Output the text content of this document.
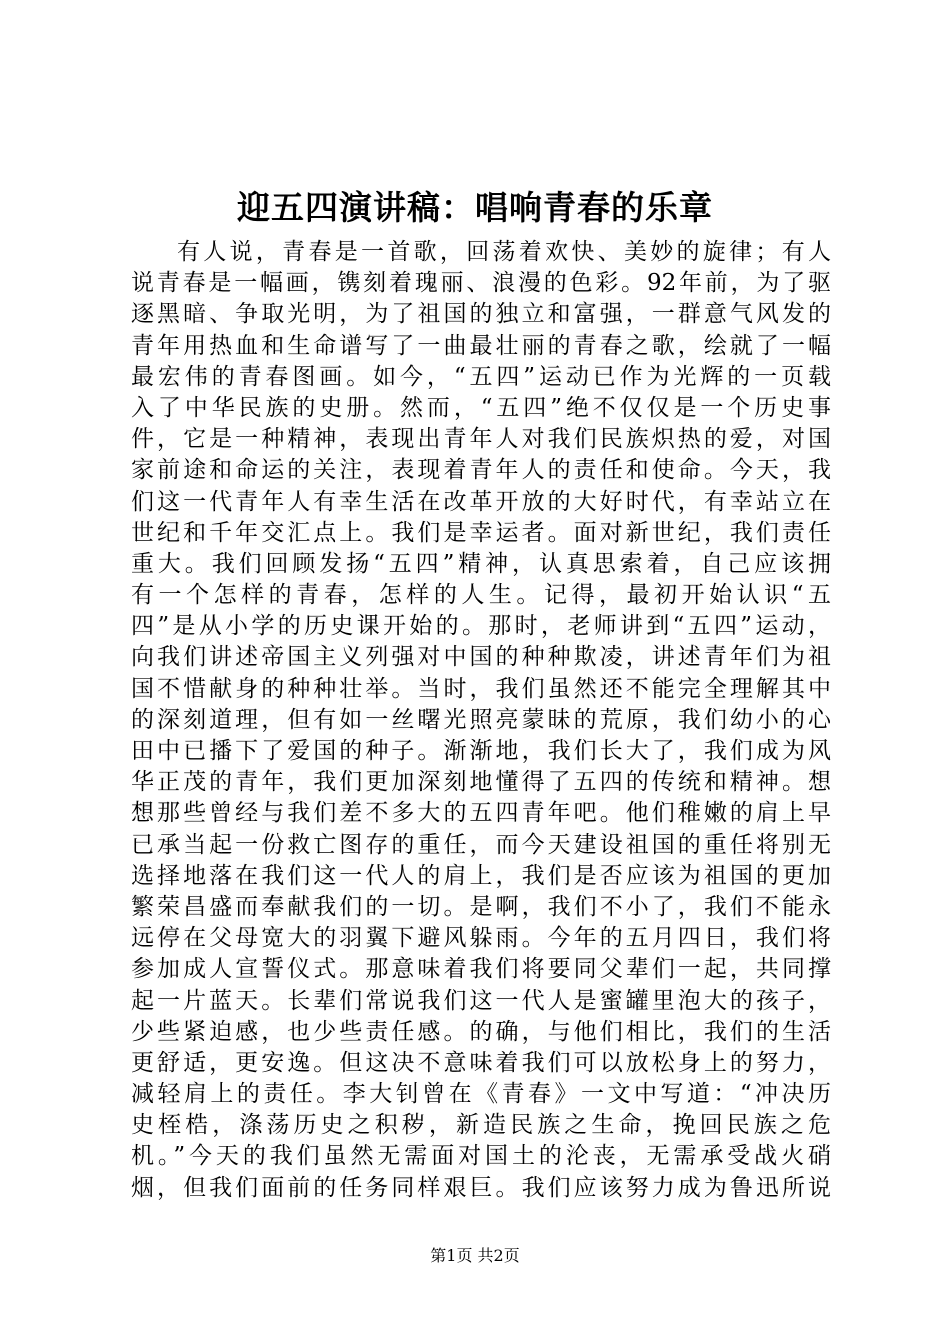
迎五四演讲稿：唱响青春的乐章
有人说，青春是一首歌，回荡着欢快、美妙的旋律；有人
说青春是一幅画，镌刻着瑰丽、浪漫的色彩。92年前，为了驱
逐黑暗、争取光明，为了祖国的独立和富强，一群意气风发的
青年用热血和生命谱写了一曲最壮丽的青春之歌，绘就了一幅
最宏伟的青春图画。如今，“五四”运动已作为光辉的一页载
入了中华民族的史册。然而，“五四”绝不仅仅是一个历史事
件，它是一种精神，表现出青年人对我们民族炽热的爱，对国
家前途和命运的关注，表现着青年人的责任和使命。今天，我
们这一代青年人有幸生活在改革开放的大好时代，有幸站立在
世纪和千年交汇点上。我们是幸运者。面对新世纪，我们责任
重大。我们回顾发扬“五四”精神，认真思索着，自己应该拥
有一个怎样的青春，怎样的人生。记得，最初开始认识“五
四”是从小学的历史课开始的。那时，老师讲到“五四”运动，
向我们讲述帝国主义列强对中国的种种欺凌，讲述青年们为祖
国不惜献身的种种壮举。当时，我们虽然还不能完全理解其中
的深刻道理，但有如一丝曙光照亮蒙昧的荒原，我们幼小的心
田中已播下了爱国的种子。渐渐地，我们长大了，我们成为风
华正茂的青年，我们更加深刻地懂得了五四的传统和精神。想
想那些曾经与我们差不多大的五四青年吧。他们稚嫩的肩上早
已承当起一份救亡图存的重任，而今天建设祖国的重任将别无
选择地落在我们这一代人的肩上，我们是否应该为祖国的更加
繁荣昌盛而奉献我们的一切。是啊，我们不小了，我们不能永
远停在父母宽大的羽翼下避风躲雨。今年的五月四日，我们将
参加成人宣誓仪式。那意味着我们将要同父辈们一起，共同撑
起一片蓝天。长辈们常说我们这一代人是蜜罐里泡大的孩子，
少些紧迫感，也少些责任感。的确，与他们相比，我们的生活
更舒适，更安逸。但这决不意味着我们可以放松身上的努力，
减轻肩上的责任。李大钊曾在《青春》一文中写道：“冲决历
史桎梏，涤荡历史之积秽，新造民族之生命，挽回民族之危
机。”今天的我们虽然无需面对国土的沦丧，无需承受战火硝
烟，但我们面前的任务同样艰巨。我们应该努力成为鲁迅所说
第1页 共2页
